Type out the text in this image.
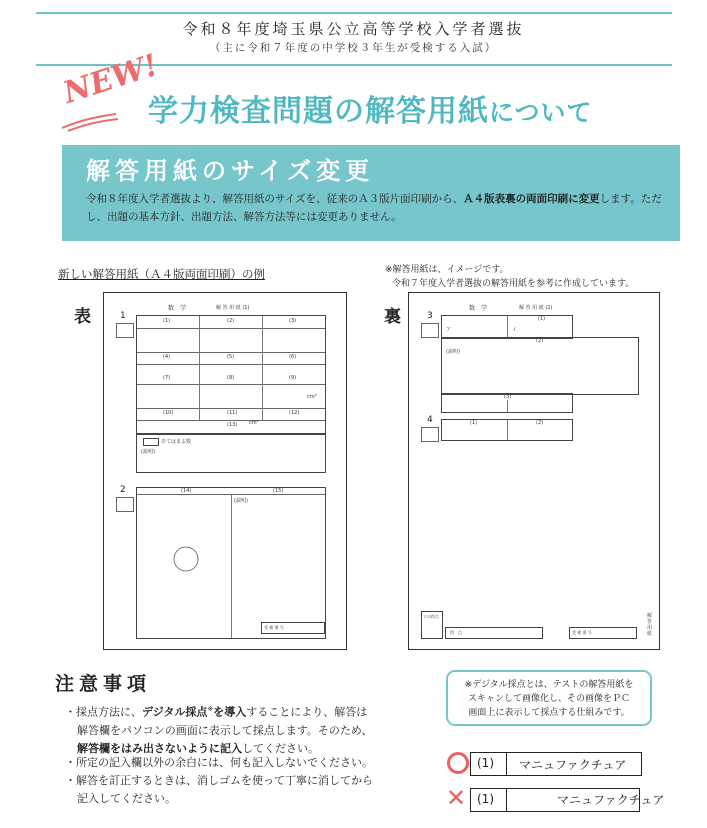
令和８年度埼玉県公立高等学校入学者選抜
（主に令和７年度の中学校３年生が受検する入試）
NEW!
学力検査問題の解答用紙について
解答用紙のサイズ変更
令和８年度入学者選抜より、解答用紙のサイズを、従来のＡ３版片面印刷から、Ａ４版表裏の両面印刷に変更します。ただし、出題の基本方針、出題方法、解答方法等には変更ありません。
新しい解答用紙（Ａ４版両面印刷）の例	※解答用紙は、イメージです。
令和７年度入学者選抜の解答用紙を参考に作成しています。
表	数　学	解 答 用 紙 (1)
1	(1)	(2)	(3)
(4)	(5)	(6)
(7)	(8)	(9)
(10)	(11)	(12)
(13)
cm³
cm²
あてはまる数
(説明)
2	(14)	(15)
(説明)
受 検 番 号
裏	数　学	解 答 用 紙 (2)
3	(1)
ア	イ
(2)
(説明)
(3)
4	(1)	(2)
１の得点
得　点	受 検 番 号
解答用紙
注意事項
・採点方法に、デジタル採点※を導入することにより、解答は
解答欄をパソコンの画面に表示して採点します。そのため、
解答欄をはみ出さないように記入してください。
・所定の記入欄以外の余白には、何も記入しないでください。
・解答を訂正するときは、消しゴムを使って丁寧に消してから
記入してください。
※デジタル採点とは、テストの解答用紙を
スキャンして画像化し、その画像をＰＣ
画面上に表示して採点する仕組みです。
(1) マニュファクチュア
✕ (1)	マニュファクチュア
